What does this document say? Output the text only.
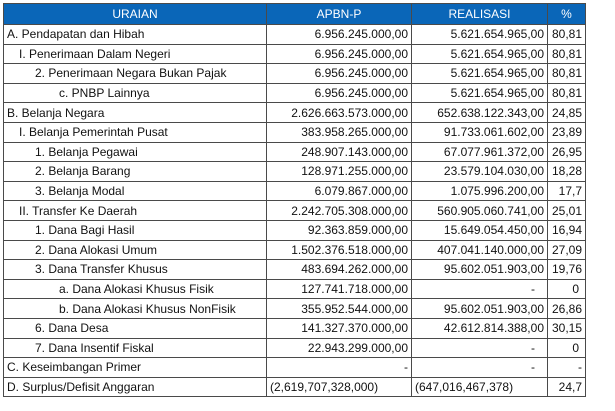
URAIAN	APBN-P	REALISASI	%
A. Pendapatan dan Hibah	6.956.245.000,00	5.621.654.965,00	80,81
I. Penerimaan Dalam Negeri	6.956.245.000,00	5.621.654.965,00	80,81
2. Penerimaan Negara Bukan Pajak	6.956.245.000,00	5.621.654.965,00	80,81
c. PNBP Lainnya	6.956.245.000,00	5.621.654.965,00	80,81
B. Belanja Negara	2.626.663.573.000,00	652.638.122.343,00	24,85
I. Belanja Pemerintah Pusat	383.958.265.000,00	91.733.061.602,00	23,89
1. Belanja Pegawai	248.907.143.000,00	67.077.961.372,00	26,95
2. Belanja Barang	128.971.255.000,00	23.579.104.030,00	18,28
3. Belanja Modal	6.079.867.000,00	1.075.996.200,00	17,7
II. Transfer Ke Daerah	2.242.705.308.000,00	560.905.060.741,00	25,01
1. Dana Bagi Hasil	92.363.859.000,00	15.649.054.450,00	16,94
2. Dana Alokasi Umum	1.502.376.518.000,00	407.041.140.000,00	27,09
3. Dana Transfer Khusus	483.694.262.000,00	95.602.051.903,00	19,76
a. Dana Alokasi Khusus Fisik	127.741.718.000,00	-	0
b. Dana Alokasi Khusus NonFisik	355.952.544.000,00	95.602.051.903,00	26,86
6. Dana Desa	141.327.370.000,00	42.612.814.388,00	30,15
7. Dana Insentif Fiskal	22.943.299.000,00	-	0
C. Keseimbangan Primer	-	-	-
D. Surplus/Defisit Anggaran	(2,619,707,328,000)	(647,016,467,378)	24,7
